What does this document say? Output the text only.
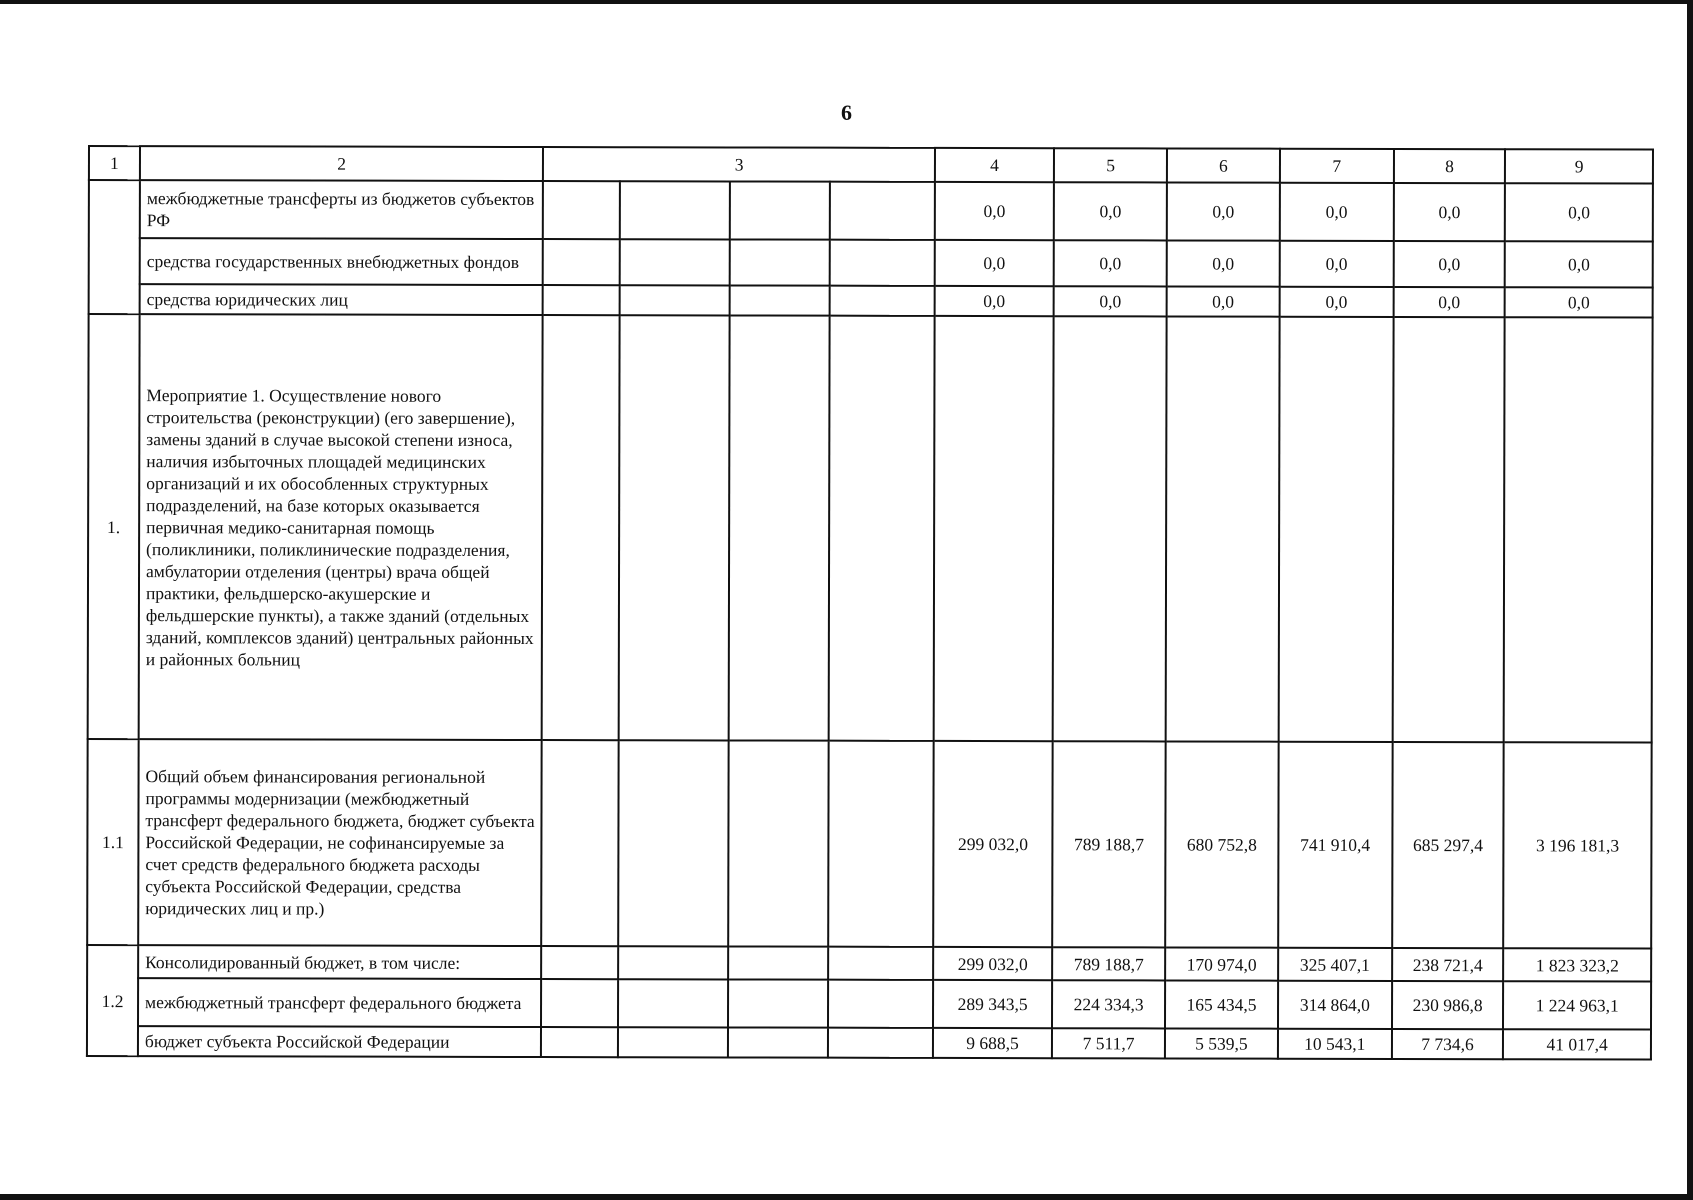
6
1	2	3				4	5	6	7	8	9
	межбюджетные трансферты из бюджетов субъектов РФ					0,0	0,0	0,0	0,0	0,0	0,0
	средства государственных внебюджетных фондов					0,0	0,0	0,0	0,0	0,0	0,0
	средства юридических лиц					0,0	0,0	0,0	0,0	0,0	0,0
1.	Мероприятие 1. Осуществление нового строительства (реконструкции) (его завершение), замены зданий в случае высокой степени износа, наличия избыточных площадей медицинских организаций и их обособленных структурных подразделений, на базе которых оказывается первичная медико-санитарная помощь (поликлиники, поликлинические подразделения, амбулатории отделения (центры) врача общей практики, фельдшерско-акушерские и фельдшерские пункты), а также зданий (отдельных зданий, комплексов зданий) центральных районных и районных больниц										
1.1	Общий объем финансирования региональной программы модернизации (межбюджетный трансферт федерального бюджета, бюджет субъекта Российской Федерации, не софинансируемые за счет средств федерального бюджета расходы субъекта Российской Федерации, средства юридических лиц и пр.)					299 032,0	789 188,7	680 752,8	741 910,4	685 297,4	3 196 181,3
1.2	Консолидированный бюджет, в том числе:					299 032,0	789 188,7	170 974,0	325 407,1	238 721,4	1 823 323,2
	межбюджетный трансферт федерального бюджета					289 343,5	224 334,3	165 434,5	314 864,0	230 986,8	1 224 963,1
	бюджет субъекта Российской Федерации					9 688,5	7 511,7	5 539,5	10 543,1	7 734,6	41 017,4
